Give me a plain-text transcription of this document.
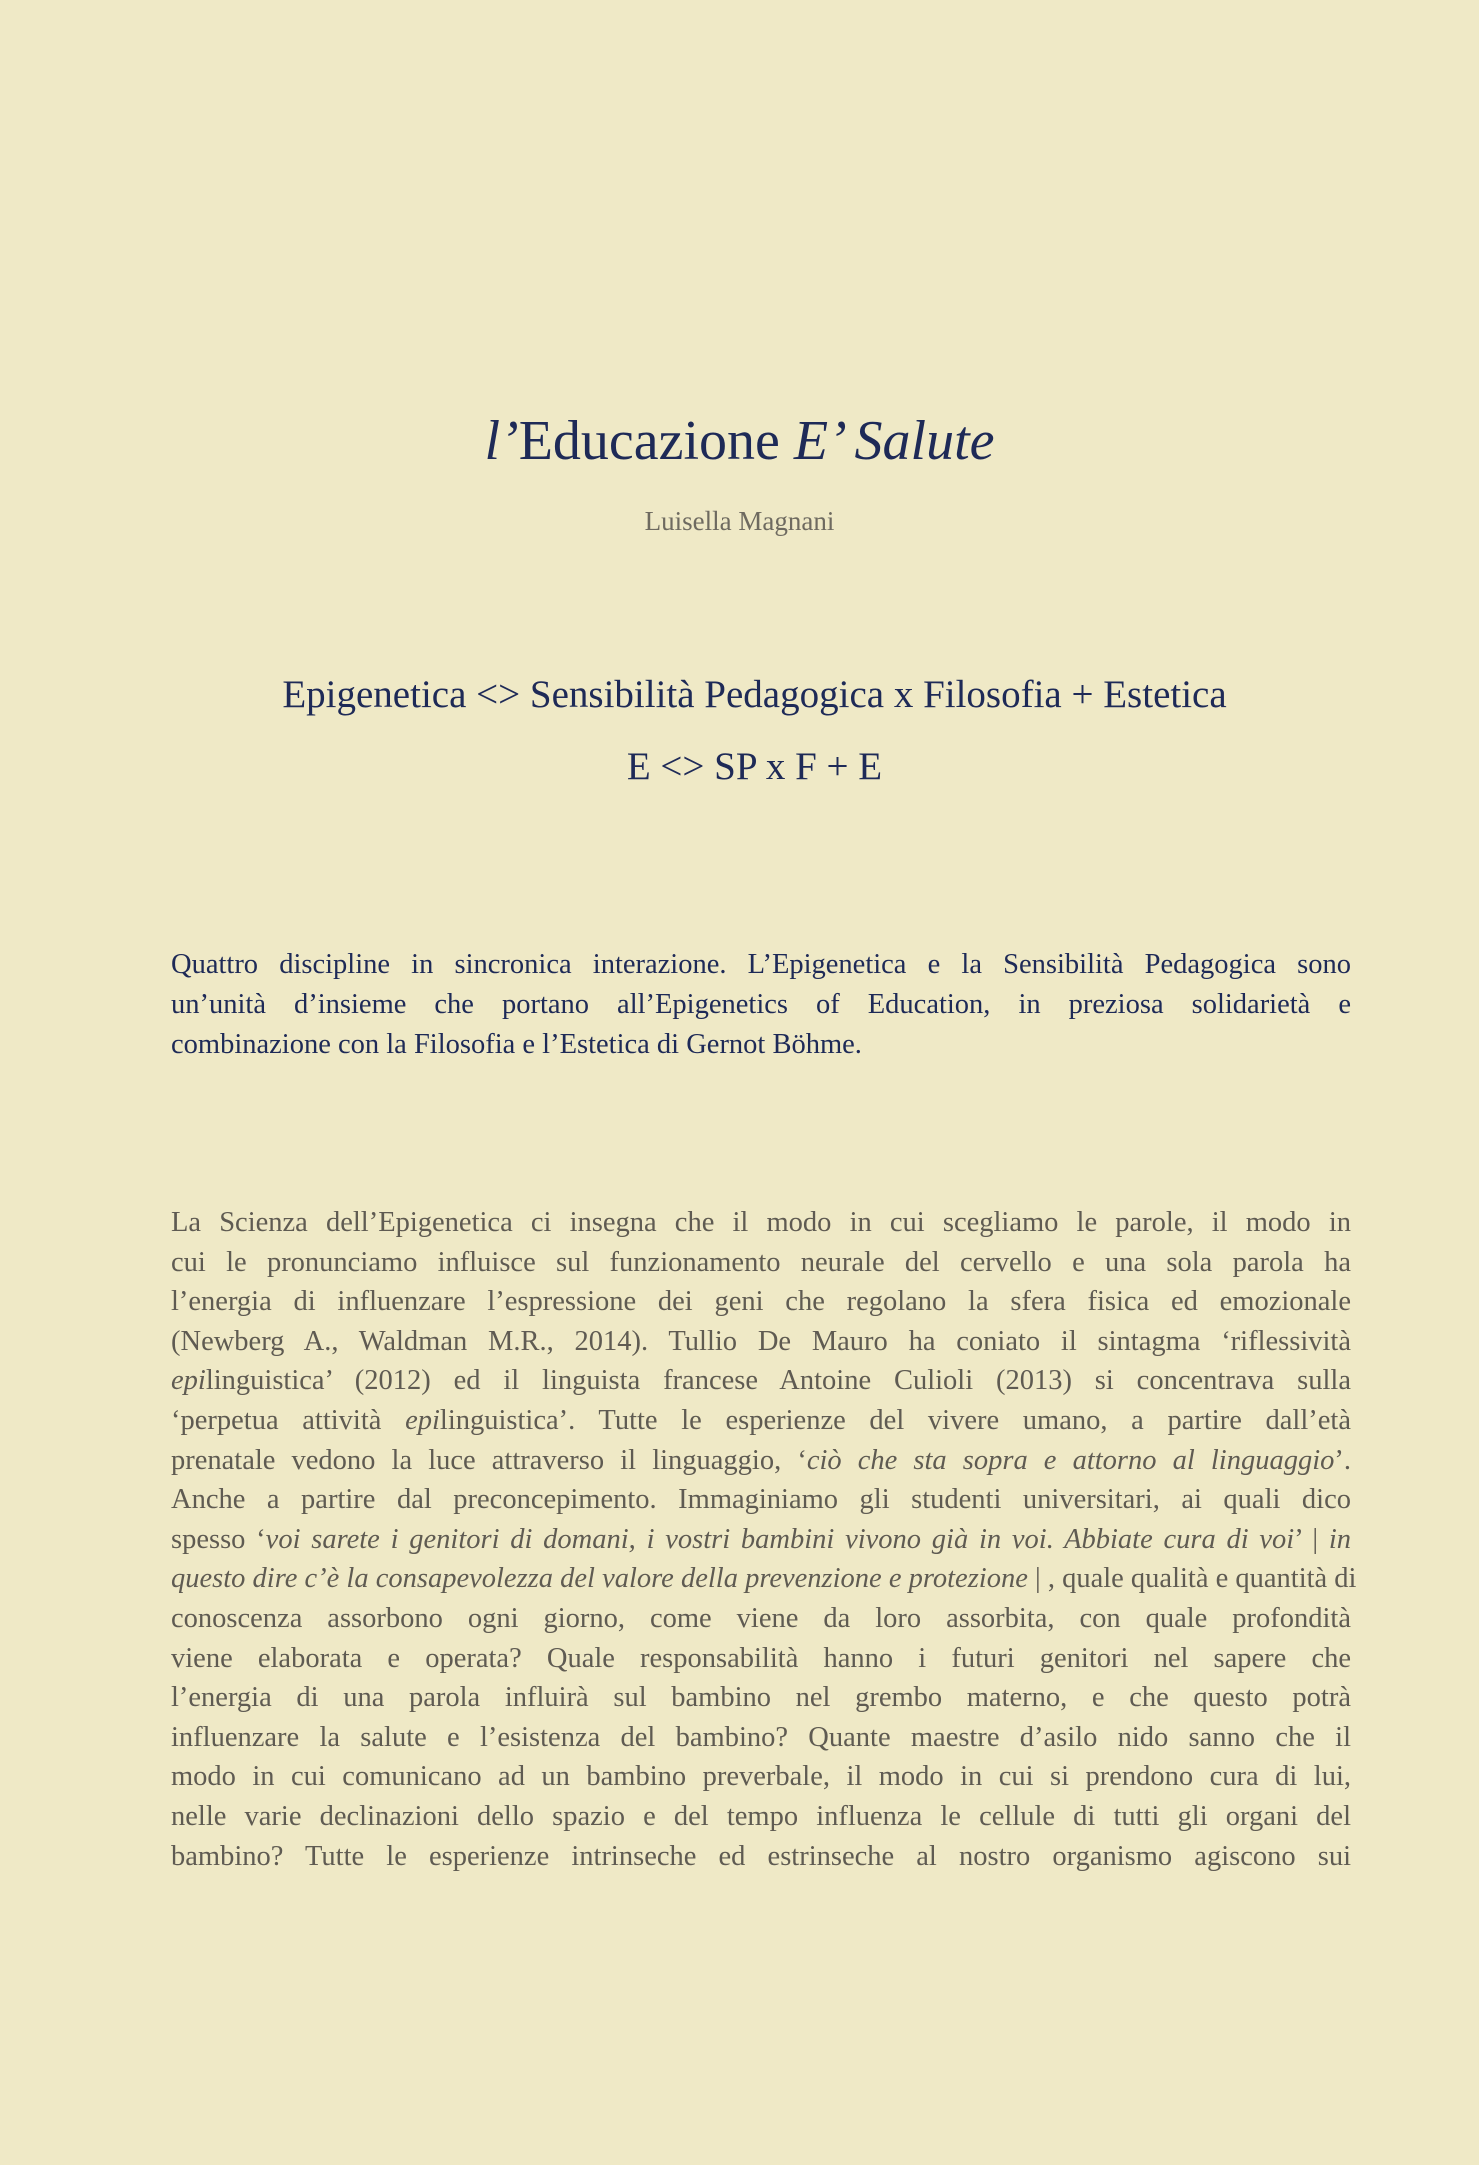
l’Educazione E’ Salute

Luisella Magnani

Epigenetica <> Sensibilità Pedagogica x Filosofia + Estetica

E <> SP x F + E

Quattro discipline in sincronica interazione. L’Epigenetica e la Sensibilità Pedagogica sono
un’unità d’insieme che portano all’Epigenetics of Education, in preziosa solidarietà e
combinazione con la Filosofia e l’Estetica di Gernot Böhme.
La Scienza dell’Epigenetica ci insegna che il modo in cui scegliamo le parole, il modo in
cui le pronunciamo influisce sul funzionamento neurale del cervello e una sola parola ha
l’energia di influenzare l’espressione dei geni che regolano la sfera fisica ed emozionale
(Newberg A., Waldman M.R., 2014). Tullio De Mauro ha coniato il sintagma ‘riflessività
epilinguistica’ (2012) ed il linguista francese Antoine Culioli (2013) si concentrava sulla
‘perpetua attività epilinguistica’. Tutte le esperienze del vivere umano, a partire dall’età
prenatale vedono la luce attraverso il linguaggio, ‘ciò che sta sopra e attorno al linguaggio’.
Anche a partire dal preconcepimento. Immaginiamo gli studenti universitari, ai quali dico
spesso ‘voi sarete i genitori di domani, i vostri bambini vivono già in voi. Abbiate cura di voi’ | in
questo dire c’è la consapevolezza del valore della prevenzione e protezione | , quale qualità e quantità di
conoscenza assorbono ogni giorno, come viene da loro assorbita, con quale profondità
viene elaborata e operata? Quale responsabilità hanno i futuri genitori nel sapere che
l’energia di una parola influirà sul bambino nel grembo materno, e che questo potrà
influenzare la salute e l’esistenza del bambino? Quante maestre d’asilo nido sanno che il
modo in cui comunicano ad un bambino preverbale, il modo in cui si prendono cura di lui,
nelle varie declinazioni dello spazio e del tempo influenza le cellule di tutti gli organi del
bambino? Tutte le esperienze intrinseche ed estrinseche al nostro organismo agiscono sui
